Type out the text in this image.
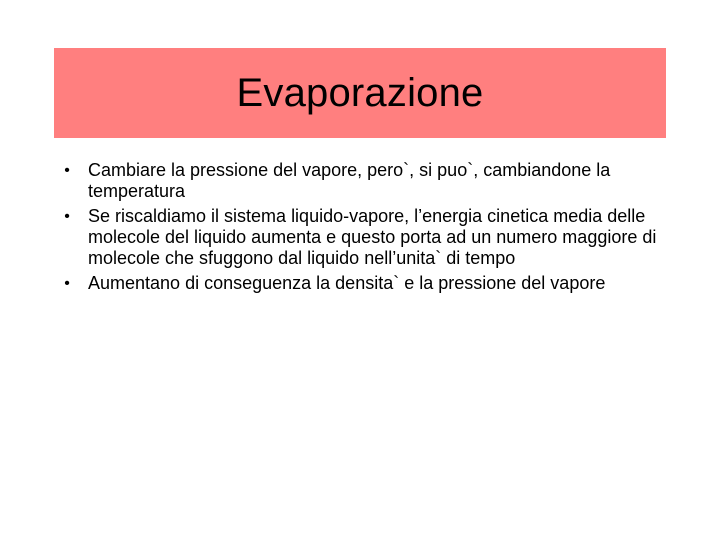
Evaporazione
• Cambiare la pressione del vapore, pero`, si puo`, cambiandone la temperatura
• Se riscaldiamo il sistema liquido-vapore, l’energia cinetica media delle molecole del liquido aumenta e questo porta ad un numero maggiore di molecole che sfuggono dal liquido nell’unita` di tempo
• Aumentano di conseguenza la densita` e la pressione del vapore
